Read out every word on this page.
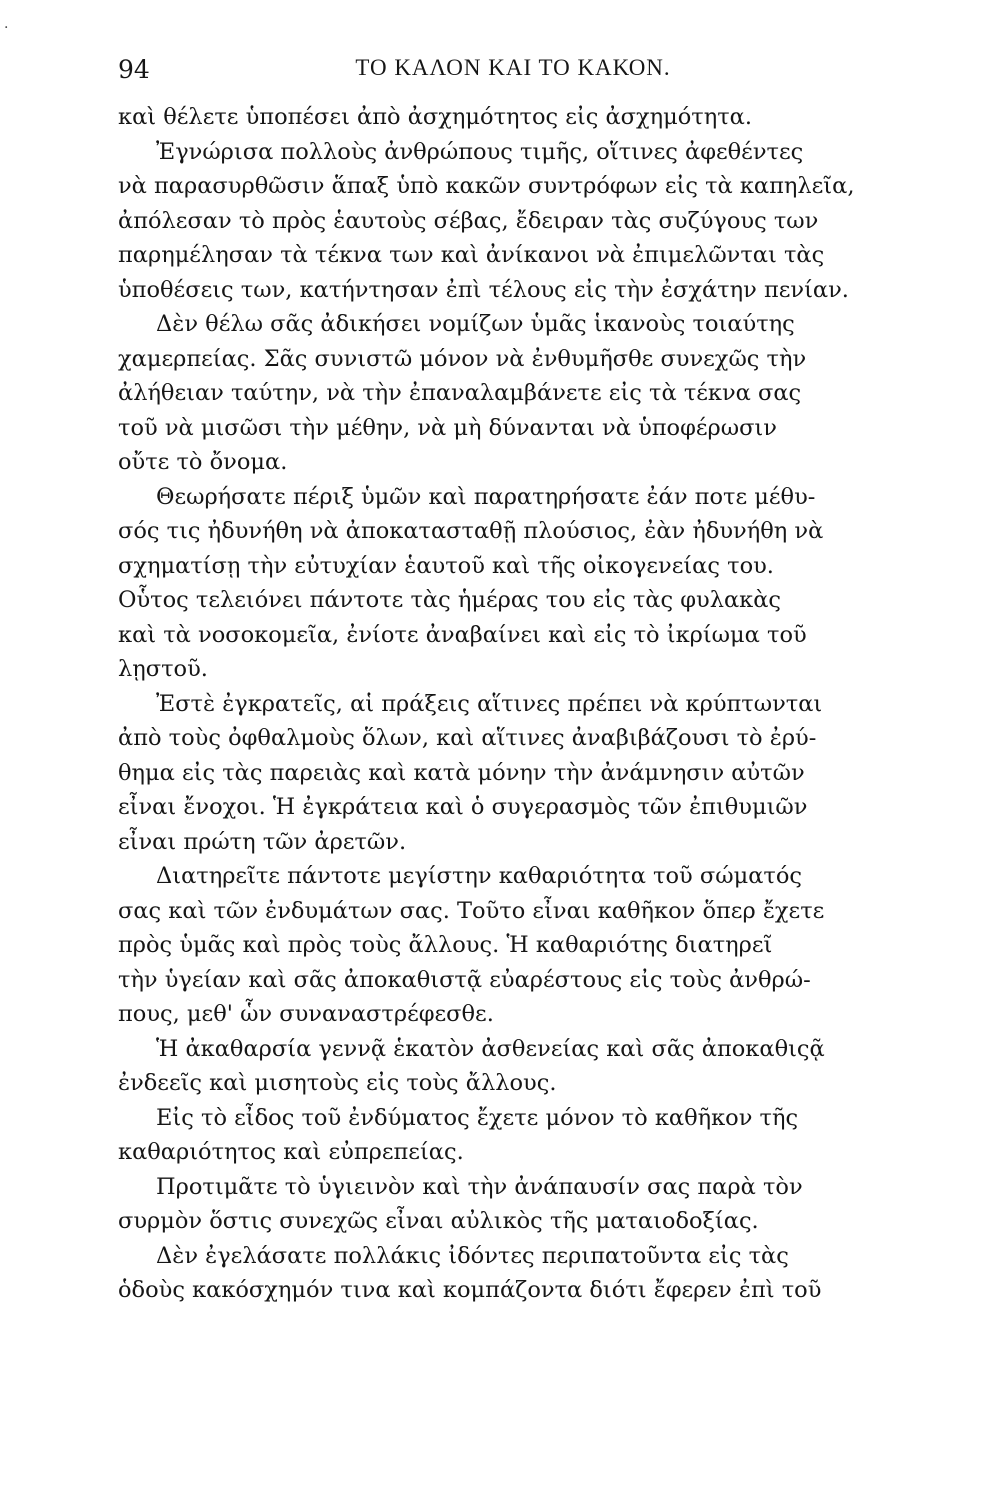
·
94	ΤΟ ΚΑΛΟΝ ΚΑΙ ΤΟ ΚΑΚΟΝ.
καὶ θέλετε ὑποπέσει ἀπὸ ἀσχημότητος εἰς ἀσχημότητα.
Ἐγνώρισα πολλοὺς ἀνθρώπους τιμῆς, οἵτινες ἀφεθέντες
νὰ παρασυρθῶσιν ἅπαξ ὑπὸ κακῶν συντρόφων εἰς τὰ καπηλεῖα,
ἀπόλεσαν τὸ πρὸς ἑαυτοὺς σέβας, ἔδειραν τὰς συζύγους των
παρημέλησαν τὰ τέκνα των καὶ ἀνίκανοι νὰ ἐπιμελῶνται τὰς
ὑποθέσεις των, κατήντησαν ἐπὶ τέλους εἰς τὴν ἐσχάτην πενίαν.
Δὲν θέλω σᾶς ἀδικήσει νομίζων ὑμᾶς ἱκανοὺς τοιαύτης
χαμερπείας. Σᾶς συνιστῶ μόνον νὰ ἐνθυμῆσθε συνεχῶς τὴν
ἀλήθειαν ταύτην, νὰ τὴν ἐπαναλαμβάνετε εἰς τὰ τέκνα σας
τοῦ νὰ μισῶσι τὴν μέθην, νὰ μὴ δύνανται νὰ ὑποφέρωσιν
οὔτε τὸ ὄνομα.
Θεωρήσατε πέριξ ὑμῶν καὶ παρατηρήσατε ἐάν ποτε μέθυ-
σός τις ἠδυνήθη νὰ ἀποκατασταθῇ πλούσιος, ἐὰν ἠδυνήθη νὰ
σχηματίσῃ τὴν εὐτυχίαν ἑαυτοῦ καὶ τῆς οἰκογενείας του.
Οὗτος τελειόνει πάντοτε τὰς ἡμέρας του εἰς τὰς φυλακὰς
καὶ τὰ νοσοκομεῖα, ἐνίοτε ἀναβαίνει καὶ εἰς τὸ ἰκρίωμα τοῦ
λῃστοῦ.
Ἐστὲ ἐγκρατεῖς, αἱ πράξεις αἵτινες πρέπει νὰ κρύπτωνται
ἀπὸ τοὺς ὀφθαλμοὺς ὅλων, καὶ αἵτινες ἀναβιβάζουσι τὸ ἐρύ-
θημα εἰς τὰς παρειὰς καὶ κατὰ μόνην τὴν ἀνάμνησιν αὐτῶν
εἶναι ἔνοχοι. Ἡ ἐγκράτεια καὶ ὁ συγερασμὸς τῶν ἐπιθυμιῶν
εἶναι πρώτη τῶν ἀρετῶν.
Διατηρεῖτε πάντοτε μεγίστην καθαριότητα τοῦ σώματός
σας καὶ τῶν ἐνδυμάτων σας. Τοῦτο εἶναι καθῆκον ὅπερ ἔχετε
πρὸς ὑμᾶς καὶ πρὸς τοὺς ἄλλους. Ἡ καθαριότης διατηρεῖ
τὴν ὑγείαν καὶ σᾶς ἀποκαθιστᾷ εὐαρέστους εἰς τοὺς ἀνθρώ-
πους, μεθ' ὧν συναναστρέφεσθε.
Ἡ ἀκαθαρσία γεννᾷ ἑκατὸν ἀσθενείας καὶ σᾶς ἀποκαθιςᾷ
ἐνδεεῖς καὶ μισητοὺς εἰς τοὺς ἄλλους.
Εἰς τὸ εἶδος τοῦ ἐνδύματος ἔχετε μόνον τὸ καθῆκον τῆς
καθαριότητος καὶ εὐπρεπείας.
Προτιμᾶτε τὸ ὑγιεινὸν καὶ τὴν ἀνάπαυσίν σας παρὰ τὸν
συρμὸν ὅστις συνεχῶς εἶναι αὐλικὸς τῆς ματαιοδοξίας.
Δὲν ἐγελάσατε πολλάκις ἰδόντες περιπατοῦντα εἰς τὰς
ὁδοὺς κακόσχημόν τινα καὶ κομπάζοντα διότι ἔφερεν ἐπὶ τοῦ
